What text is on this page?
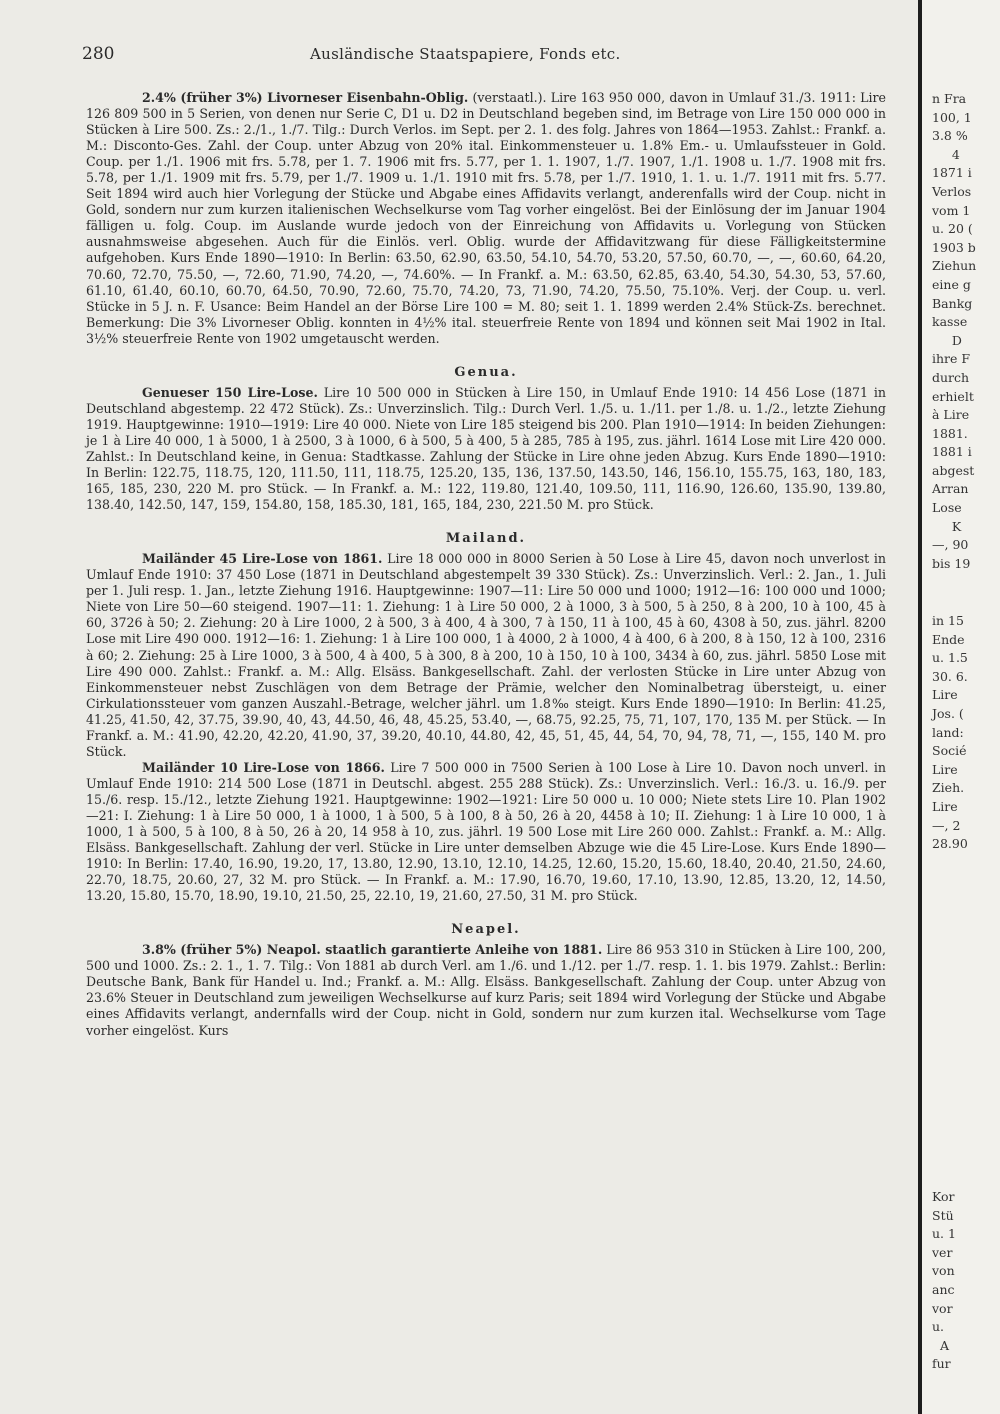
280	Ausländische Staatspapiere, Fonds etc.

2.4% (früher 3%) Livorneser Eisenbahn-Oblig. (verstaatl.). Lire 163 950 000, davon in Umlauf 31./3. 1911: Lire 126 809 500 in 5 Serien, von denen nur Serie C, D1 u. D2 in Deutschland begeben sind, im Betrage von Lire 150 000 000 in Stücken à Lire 500. Zs.: 2./1., 1./7. Tilg.: Durch Verlos. im Sept. per 2. 1. des folg. Jahres von 1864—1953. Zahlst.: Frankf. a. M.: Disconto-Ges. Zahl. der Coup. unter Abzug von 20% ital. Einkommensteuer u. 1.8% Em.- u. Umlaufssteuer in Gold. Coup. per 1./1. 1906 mit frs. 5.78, per 1. 7. 1906 mit frs. 5.77, per 1. 1. 1907, 1./7. 1907, 1./1. 1908 u. 1./7. 1908 mit frs. 5.78, per 1./1. 1909 mit frs. 5.79, per 1./7. 1909 u. 1./1. 1910 mit frs. 5.78, per 1./7. 1910, 1. 1. u. 1./7. 1911 mit frs. 5.77. Seit 1894 wird auch hier Vorlegung der Stücke und Abgabe eines Affidavits verlangt, anderenfalls wird der Coup. nicht in Gold, sondern nur zum kurzen italienischen Wechselkurse vom Tag vorher eingelöst. Bei der Einlösung der im Januar 1904 fälligen u. folg. Coup. im Auslande wurde jedoch von der Einreichung von Affidavits u. Vorlegung von Stücken ausnahmsweise abgesehen. Auch für die Einlös. verl. Oblig. wurde der Affidavitzwang für diese Fälligkeitstermine aufgehoben. Kurs Ende 1890—1910: In Berlin: 63.50, 62.90, 63.50, 54.10, 54.70, 53.20, 57.50, 60.70, —, —, 60.60, 64.20, 70.60, 72.70, 75.50, —, 72.60, 71.90, 74.20, —, 74.60%. — In Frankf. a. M.: 63.50, 62.85, 63.40, 54.30, 54.30, 53, 57.60, 61.10, 61.40, 60.10, 60.70, 64.50, 70.90, 72.60, 75.70, 74.20, 73, 71.90, 74.20, 75.50, 75.10%. Verj. der Coup. u. verl. Stücke in 5 J. n. F. Usance: Beim Handel an der Börse Lire 100 = M. 80; seit 1. 1. 1899 werden 2.4% Stück-Zs. berechnet. Bemerkung: Die 3% Livorneser Oblig. konnten in 4½% ital. steuerfreie Rente von 1894 und können seit Mai 1902 in Ital. 3½% steuerfreie Rente von 1902 umgetauscht werden.

Genua.

Genueser 150 Lire-Lose. Lire 10 500 000 in Stücken à Lire 150, in Umlauf Ende 1910: 14 456 Lose (1871 in Deutschland abgestemp. 22 472 Stück). Zs.: Unverzinslich. Tilg.: Durch Verl. 1./5. u. 1./11. per 1./8. u. 1./2., letzte Ziehung 1919. Hauptgewinne: 1910—1919: Lire 40 000. Niete von Lire 185 steigend bis 200. Plan 1910—1914: In beiden Ziehungen: je 1 à Lire 40 000, 1 à 5000, 1 à 2500, 3 à 1000, 6 à 500, 5 à 400, 5 à 285, 785 à 195, zus. jährl. 1614 Lose mit Lire 420 000. Zahlst.: In Deutschland keine, in Genua: Stadtkasse. Zahlung der Stücke in Lire ohne jeden Abzug. Kurs Ende 1890—1910: In Berlin: 122.75, 118.75, 120, 111.50, 111, 118.75, 125.20, 135, 136, 137.50, 143.50, 146, 156.10, 155.75, 163, 180, 183, 165, 185, 230, 220 M. pro Stück. — In Frankf. a. M.: 122, 119.80, 121.40, 109.50, 111, 116.90, 126.60, 135.90, 139.80, 138.40, 142.50, 147, 159, 154.80, 158, 185.30, 181, 165, 184, 230, 221.50 M. pro Stück.

Mailand.

Mailänder 45 Lire-Lose von 1861. Lire 18 000 000 in 8000 Serien à 50 Lose à Lire 45, davon noch unverlost in Umlauf Ende 1910: 37 450 Lose (1871 in Deutschland abgestempelt 39 330 Stück). Zs.: Unverzinslich. Verl.: 2. Jan., 1. Juli per 1. Juli resp. 1. Jan., letzte Ziehung 1916. Hauptgewinne: 1907—11: Lire 50 000 und 1000; 1912—16: 100 000 und 1000; Niete von Lire 50—60 steigend. 1907—11: 1. Ziehung: 1 à Lire 50 000, 2 à 1000, 3 à 500, 5 à 250, 8 à 200, 10 à 100, 45 à 60, 3726 à 50; 2. Ziehung: 20 à Lire 1000, 2 à 500, 3 à 400, 4 à 300, 7 à 150, 11 à 100, 45 à 60, 4308 à 50, zus. jährl. 8200 Lose mit Lire 490 000. 1912—16: 1. Ziehung: 1 à Lire 100 000, 1 à 4000, 2 à 1000, 4 à 400, 6 à 200, 8 à 150, 12 à 100, 2316 à 60; 2. Ziehung: 25 à Lire 1000, 3 à 500, 4 à 400, 5 à 300, 8 à 200, 10 à 150, 10 à 100, 3434 à 60, zus. jährl. 5850 Lose mit Lire 490 000. Zahlst.: Frankf. a. M.: Allg. Elsäss. Bankgesellschaft. Zahl. der verlosten Stücke in Lire unter Abzug von Einkommensteuer nebst Zuschlägen von dem Betrage der Prämie, welcher den Nominalbetrag übersteigt, u. einer Cirkulationssteuer vom ganzen Auszahl.-Betrage, welcher jährl. um 1.8‰ steigt. Kurs Ende 1890—1910: In Berlin: 41.25, 41.25, 41.50, 42, 37.75, 39.90, 40, 43, 44.50, 46, 48, 45.25, 53.40, —, 68.75, 92.25, 75, 71, 107, 170, 135 M. per Stück. — In Frankf. a. M.: 41.90, 42.20, 42.20, 41.90, 37, 39.20, 40.10, 44.80, 42, 45, 51, 45, 44, 54, 70, 94, 78, 71, —, 155, 140 M. pro Stück.

Mailänder 10 Lire-Lose von 1866. Lire 7 500 000 in 7500 Serien à 100 Lose à Lire 10. Davon noch unverl. in Umlauf Ende 1910: 214 500 Lose (1871 in Deutschl. abgest. 255 288 Stück). Zs.: Unverzinslich. Verl.: 16./3. u. 16./9. per 15./6. resp. 15./12., letzte Ziehung 1921. Hauptgewinne: 1902—1921: Lire 50 000 u. 10 000; Niete stets Lire 10. Plan 1902—21: I. Ziehung: 1 à Lire 50 000, 1 à 1000, 1 à 500, 5 à 100, 8 à 50, 26 à 20, 4458 à 10; II. Ziehung: 1 à Lire 10 000, 1 à 1000, 1 à 500, 5 à 100, 8 à 50, 26 à 20, 14 958 à 10, zus. jährl. 19 500 Lose mit Lire 260 000. Zahlst.: Frankf. a. M.: Allg. Elsäss. Bankgesellschaft. Zahlung der verl. Stücke in Lire unter demselben Abzuge wie die 45 Lire-Lose. Kurs Ende 1890—1910: In Berlin: 17.40, 16.90, 19.20, 17, 13.80, 12.90, 13.10, 12.10, 14.25, 12.60, 15.20, 15.60, 18.40, 20.40, 21.50, 24.60, 22.70, 18.75, 20.60, 27, 32 M. pro Stück. — In Frankf. a. M.: 17.90, 16.70, 19.60, 17.10, 13.90, 12.85, 13.20, 12, 14.50, 13.20, 15.80, 15.70, 18.90, 19.10, 21.50, 25, 22.10, 19, 21.60, 27.50, 31 M. pro Stück.

Neapel.

3.8% (früher 5%) Neapol. staatlich garantierte Anleihe von 1881. Lire 86 953 310 in Stücken à Lire 100, 200, 500 und 1000. Zs.: 2. 1., 1. 7. Tilg.: Von 1881 ab durch Verl. am 1./6. und 1./12. per 1./7. resp. 1. 1. bis 1979. Zahlst.: Berlin: Deutsche Bank, Bank für Handel u. Ind.; Frankf. a. M.: Allg. Elsäss. Bankgesellschaft. Zahlung der Coup. unter Abzug von 23.6% Steuer in Deutschland zum jeweiligen Wechselkurse auf kurz Paris; seit 1894 wird Vorlegung der Stücke und Abgabe eines Affidavits verlangt, andernfalls wird der Coup. nicht in Gold, sondern nur zum kurzen ital. Wechselkurse vom Tage vorher eingelöst. Kurs

n Fra
100, 1
3.8 %
4
1871 i
Verlos
vom 1
u. 20 (
1903 b
Ziehun
eine g
Bankg
kasse
D
ihre F
durch
erhielt
à Lire
1881.
1881 i
abgest
Arran
Lose
K
—, 90
bis 19
in 15
Ende
u. 1.5
30. 6.
Lire
Jos. (
land:
Socié
Lire
Zieh.
Lire
—, 2
28.90
Kor
Stü
u. 1
ver
von
anc
vor
u.
A
fur
